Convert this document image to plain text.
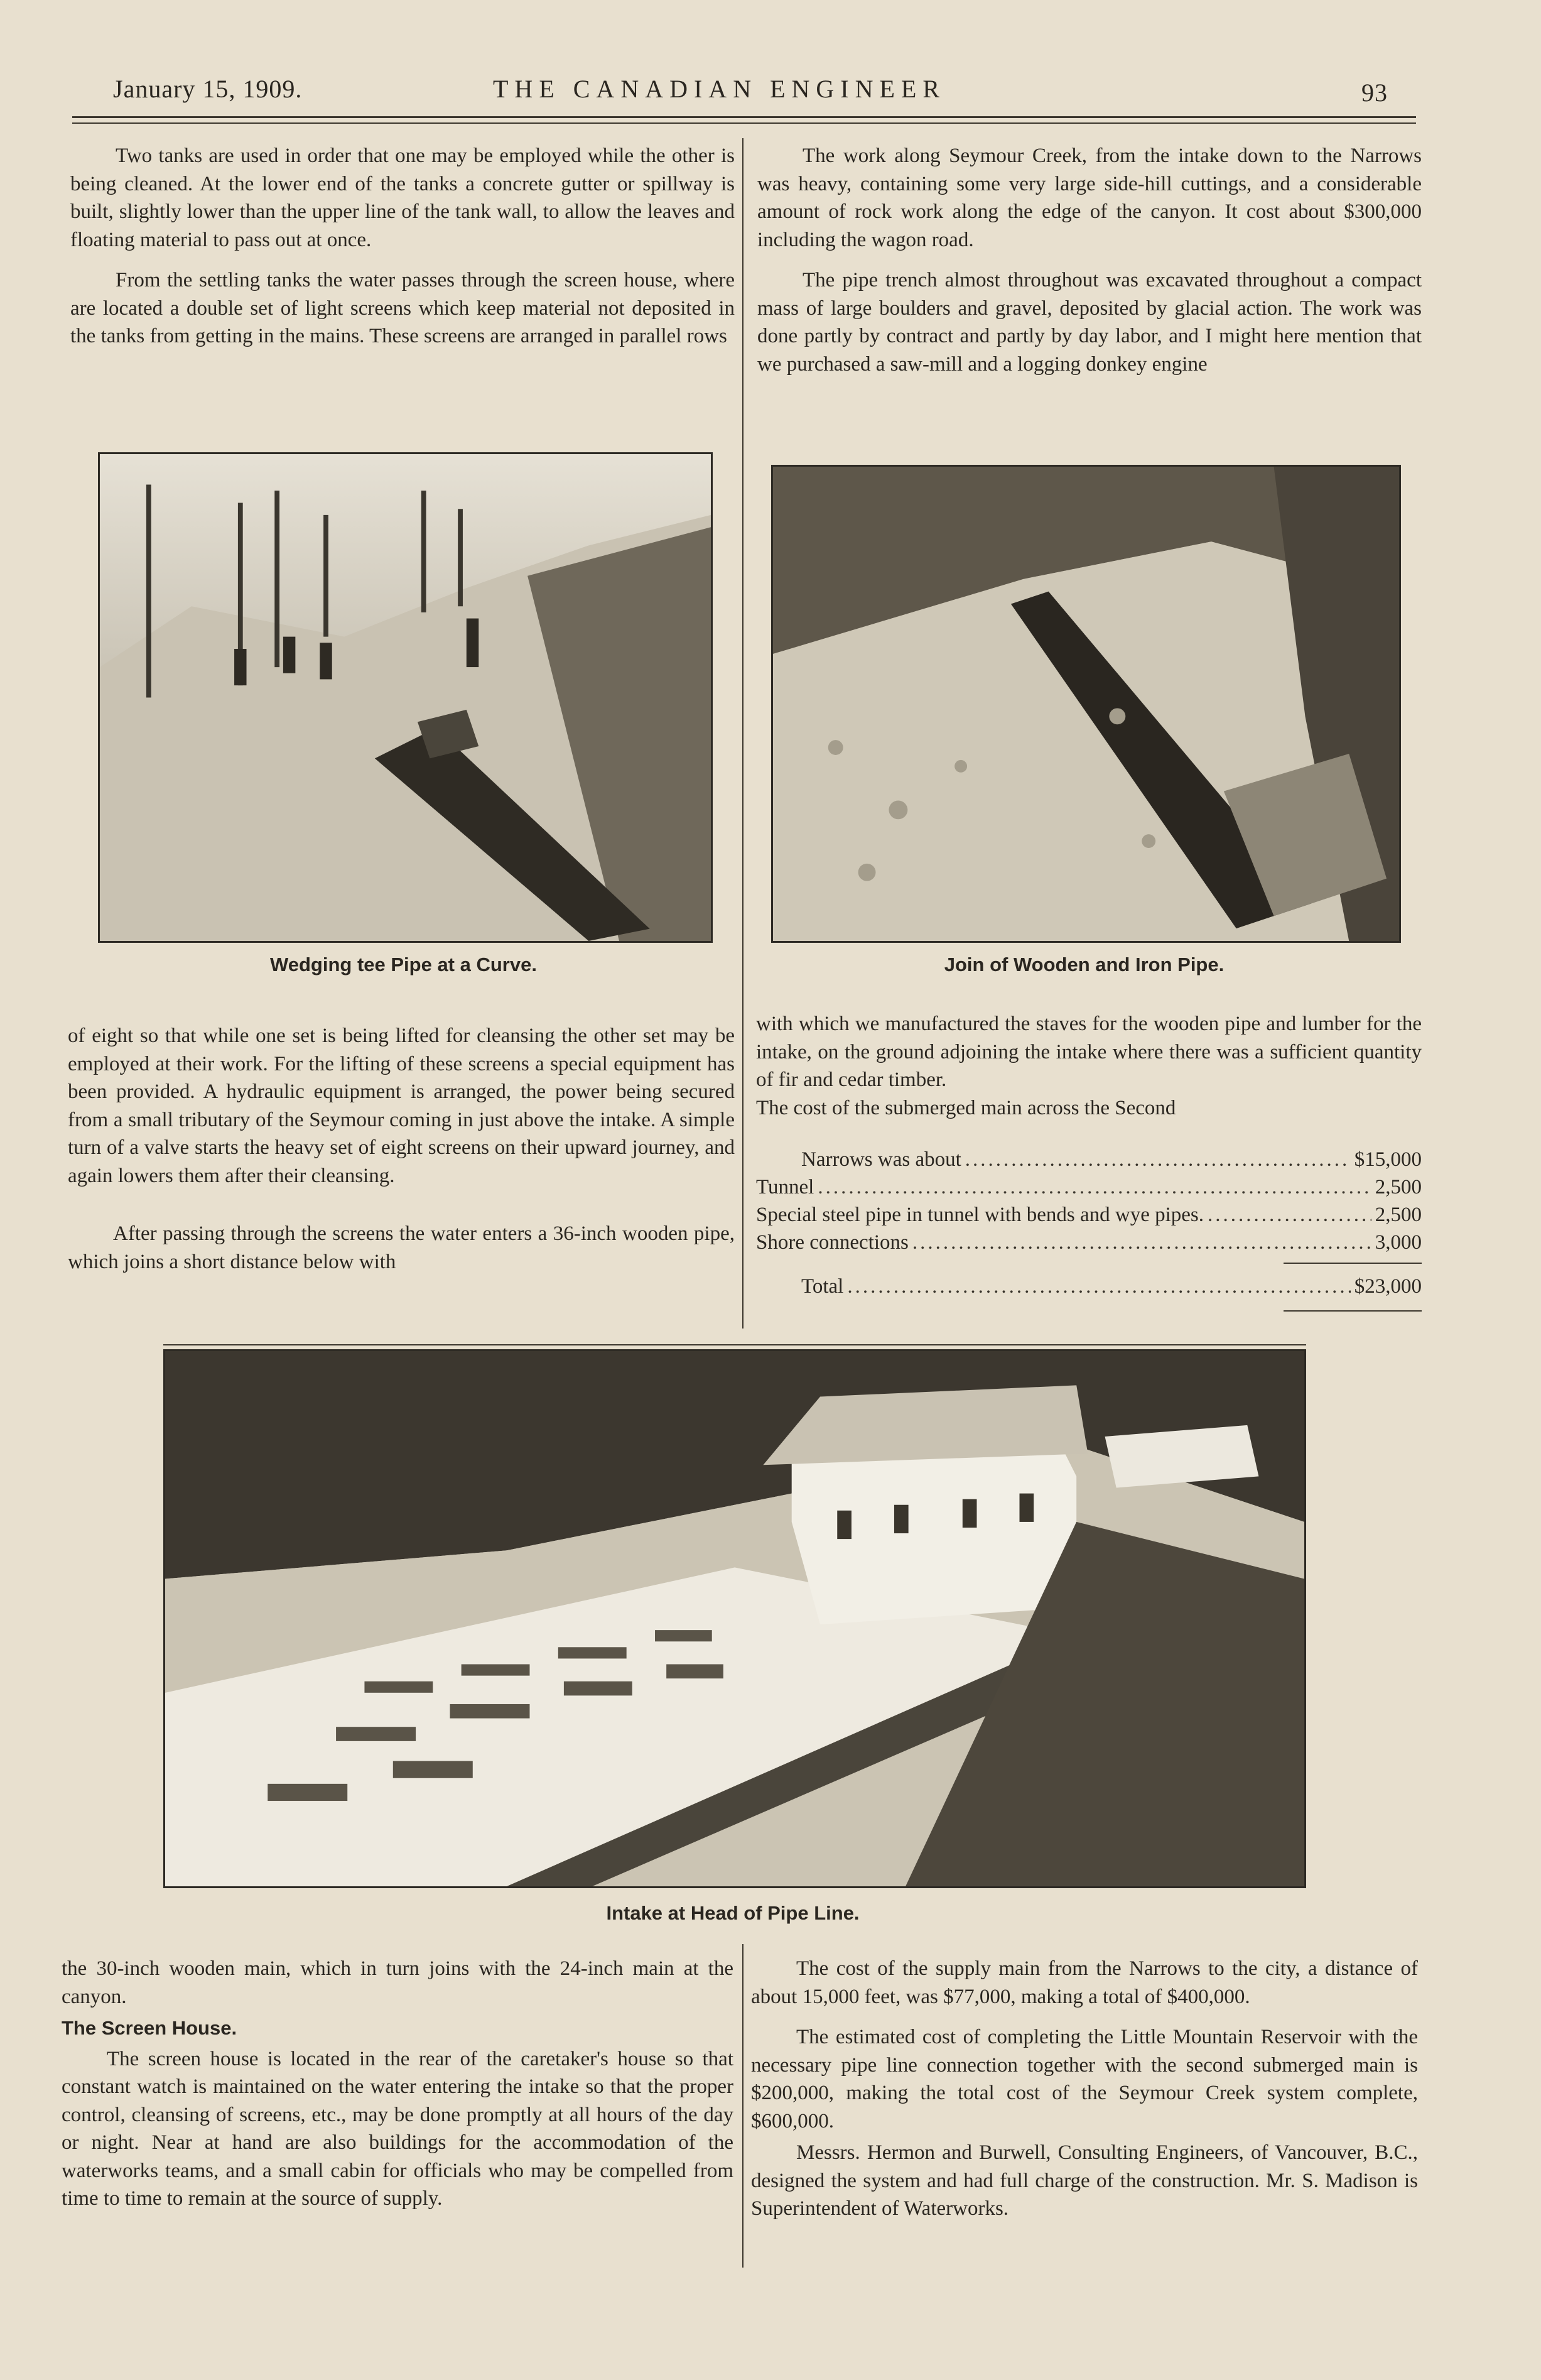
January 15, 1909.	THE CANADIAN ENGINEER	93

Two tanks are used in order that one may be employed while the other is being cleaned. At the lower end of the tanks a concrete gutter or spillway is built, slightly lower than the upper line of the tank wall, to allow the leaves and floating material to pass out at once.

From the settling tanks the water passes through the screen house, where are located a double set of light screens which keep material not deposited in the tanks from getting in the mains. These screens are arranged in parallel rows

The work along Seymour Creek, from the intake down to the Narrows was heavy, containing some very large side-hill cuttings, and a considerable amount of rock work along the edge of the canyon. It cost about $300,000 including the wagon road.

The pipe trench almost throughout was excavated throughout a compact mass of large boulders and gravel, deposited by glacial action. The work was done partly by contract and partly by day labor, and I might here mention that we purchased a saw-mill and a logging donkey engine

Wedging tee Pipe at a Curve.	Join of Wooden and Iron Pipe.

of eight so that while one set is being lifted for cleansing the other set may be employed at their work. For the lifting of these screens a special equipment has been provided. A hydraulic equipment is arranged, the power being secured from a small tributary of the Seymour coming in just above the intake. A simple turn of a valve starts the heavy set of eight screens on their upward journey, and again lowers them after their cleansing.

After passing through the screens the water enters a 36-inch wooden pipe, which joins a short distance below with

with which we manufactured the staves for the wooden pipe and lumber for the intake, on the ground adjoining the intake where there was a sufficient quantity of fir and cedar timber.

The cost of the submerged main across the Second

Narrows was about .....	$15,000
Tunnel .....	2,500
Special steel pipe in tunnel with bends and wye pipes. .....	2,500
Shore connections .....	3,000
Total .....	$23,000
Intake at Head of Pipe Line.

the 30-inch wooden main, which in turn joins with the 24-inch main at the canyon.

The Screen House.

The screen house is located in the rear of the caretaker's house so that constant watch is maintained on the water entering the intake so that the proper control, cleansing of screens, etc., may be done promptly at all hours of the day or night. Near at hand are also buildings for the accommodation of the waterworks teams, and a small cabin for officials who may be compelled from time to time to remain at the source of supply.

The cost of the supply main from the Narrows to the city, a distance of about 15,000 feet, was $77,000, making a total of $400,000.

The estimated cost of completing the Little Mountain Reservoir with the necessary pipe line connection together with the second submerged main is $200,000, making the total cost of the Seymour Creek system complete, $600,000.

Messrs. Hermon and Burwell, Consulting Engineers, of Vancouver, B.C., designed the system and had full charge of the construction. Mr. S. Madison is Superintendent of Waterworks.
